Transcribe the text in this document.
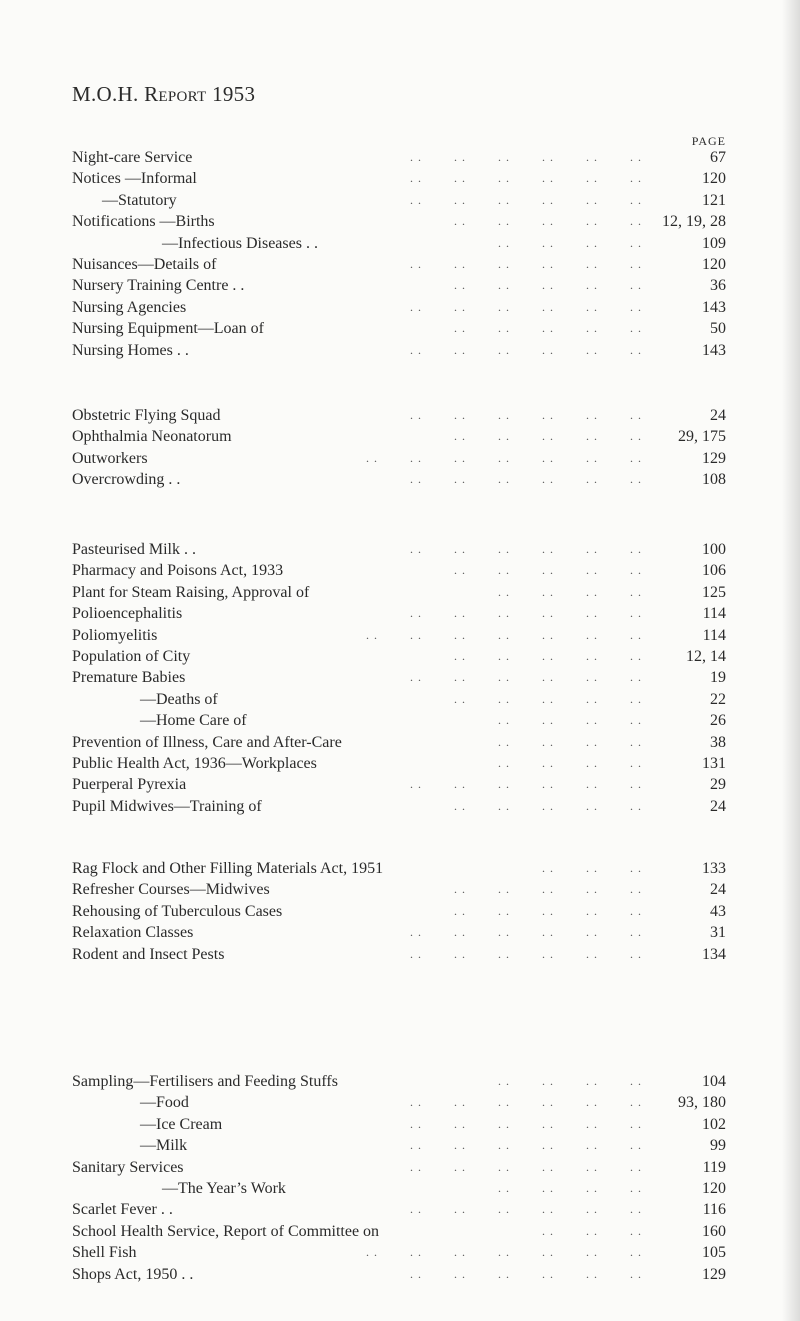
M.O.H. Report 1953
PAGE
Night-care Service	. .        . .        . .        . .        . .        . .	67
Notices —Informal	. .        . .        . .        . .        . .        . .	120
—Statutory	. .        . .        . .        . .        . .        . .	121
Notifications —Births	. .        . .        . .        . .        . . 12, 19, 28
—Infectious Diseases . .	. .        . .        . .        . .	109
Nuisances—Details of	. .        . .        . .        . .        . .        . .	120
Nursery Training Centre . .	. .        . .        . .        . .        . .	36
Nursing Agencies	. .        . .        . .        . .        . .        . .	143
Nursing Equipment—Loan of	. .        . .        . .        . .        . .	50
Nursing Homes . .	. .        . .        . .        . .        . .        . .	143
Obstetric Flying Squad	. .        . .        . .        . .        . .        . .	24
Ophthalmia Neonatorum	. .        . .        . .        . .        . . 29, 175
Outworkers	. .        . .        . .        . .        . .        . .        . .	129
Overcrowding . .	. .        . .        . .        . .        . .        . .	108
Pasteurised Milk . .	. .        . .        . .        . .        . .        . .	100
Pharmacy and Poisons Act, 1933	. .        . .        . .        . .        . .	106
Plant for Steam Raising, Approval of	. .        . .        . .        . .	125
Polioencephalitis	. .        . .        . .        . .        . .        . .	114
Poliomyelitis	. .        . .        . .        . .        . .        . .        . .	114
Population of City	. .        . .        . .        . .        . .	12, 14
Premature Babies	. .        . .        . .        . .        . .        . .	19
—Deaths of	. .        . .        . .        . .        . .	22
—Home Care of	. .        . .        . .        . .	26
Prevention of Illness, Care and After-Care	. .        . .        . .        . .	38
Public Health Act, 1936—Workplaces	. .        . .        . .        . .	131
Puerperal Pyrexia	. .        . .        . .        . .        . .        . .	29
Pupil Midwives—Training of	. .        . .        . .        . .        . .	24
Rag Flock and Other Filling Materials Act, 1951	. .        . .        . .	133
Refresher Courses—Midwives	. .        . .        . .        . .        . .	24
Rehousing of Tuberculous Cases	. .        . .        . .        . .        . .	43
Relaxation Classes	. .        . .        . .        . .        . .        . .	31
Rodent and Insect Pests	. .        . .        . .        . .        . .        . .	134
Sampling—Fertilisers and Feeding Stuffs	. .        . .        . .        . .	104
—Food	. .        . .        . .        . .        . .        . . 93, 180
—Ice Cream	. .        . .        . .        . .        . .        . .	102
—Milk	. .        . .        . .        . .        . .        . .	99
Sanitary Services	. .        . .        . .        . .        . .        . .	119
—The Year’s Work	. .        . .        . .        . .	120
Scarlet Fever . .	. .        . .        . .        . .        . .        . .	116
School Health Service, Report of Committee on	. .        . .        . .	160
Shell Fish	. .        . .        . .        . .        . .        . .        . .	105
Shops Act, 1950 . .	. .        . .        . .        . .        . .        . .	129
